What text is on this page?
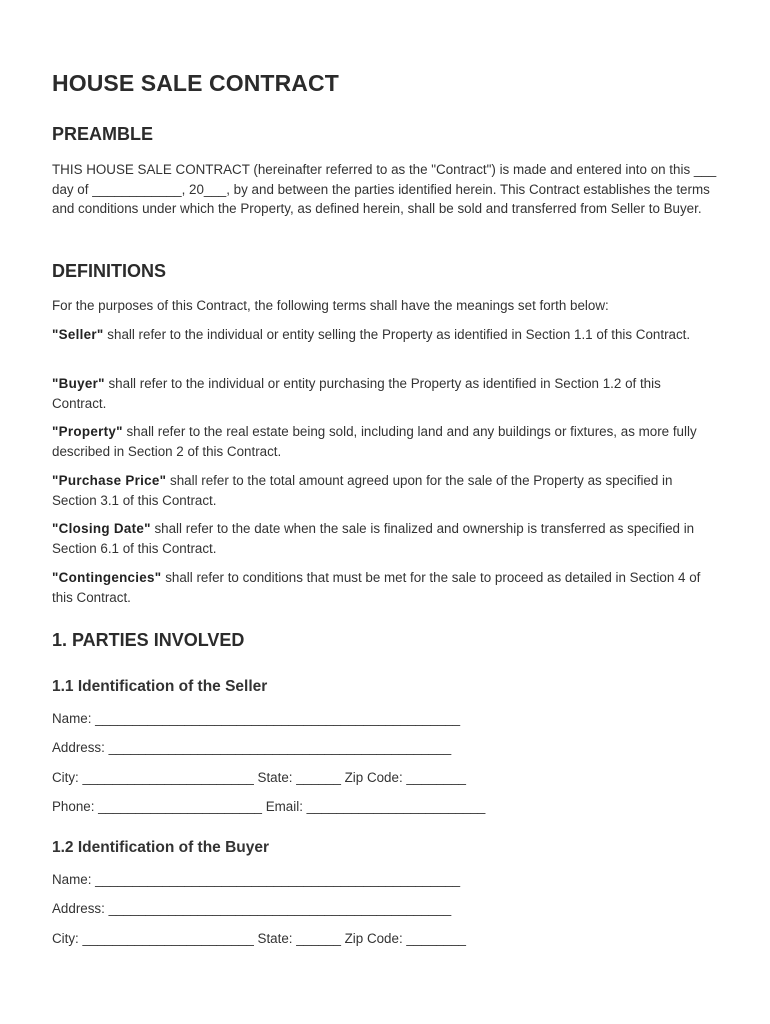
HOUSE SALE CONTRACT
PREAMBLE

THIS HOUSE SALE CONTRACT (hereinafter referred to as the "Contract") is made and entered into on this ___ day of ____________, 20___, by and between the parties identified herein. This Contract establishes the terms and conditions under which the Property, as defined herein, shall be sold and transferred from Seller to Buyer.

DEFINITIONS

For the purposes of this Contract, the following terms shall have the meanings set forth below:

"Seller" shall refer to the individual or entity selling the Property as identified in Section 1.1 of this Contract.

"Buyer" shall refer to the individual or entity purchasing the Property as identified in Section 1.2 of this Contract.

"Property" shall refer to the real estate being sold, including land and any buildings or fixtures, as more fully described in Section 2 of this Contract.

"Purchase Price" shall refer to the total amount agreed upon for the sale of the Property as specified in Section 3.1 of this Contract.

"Closing Date" shall refer to the date when the sale is finalized and ownership is transferred as specified in Section 6.1 of this Contract.

"Contingencies" shall refer to conditions that must be met for the sale to proceed as detailed in Section 4 of this Contract.

1. PARTIES INVOLVED
1.1 Identification of the Seller

Name: _________________________________________________

Address: ______________________________________________

City: _______________________ State: ______ Zip Code: ________

Phone: ______________________ Email: ________________________

1.2 Identification of the Buyer

Name: _________________________________________________

Address: ______________________________________________

City: _______________________ State: ______ Zip Code: ________
